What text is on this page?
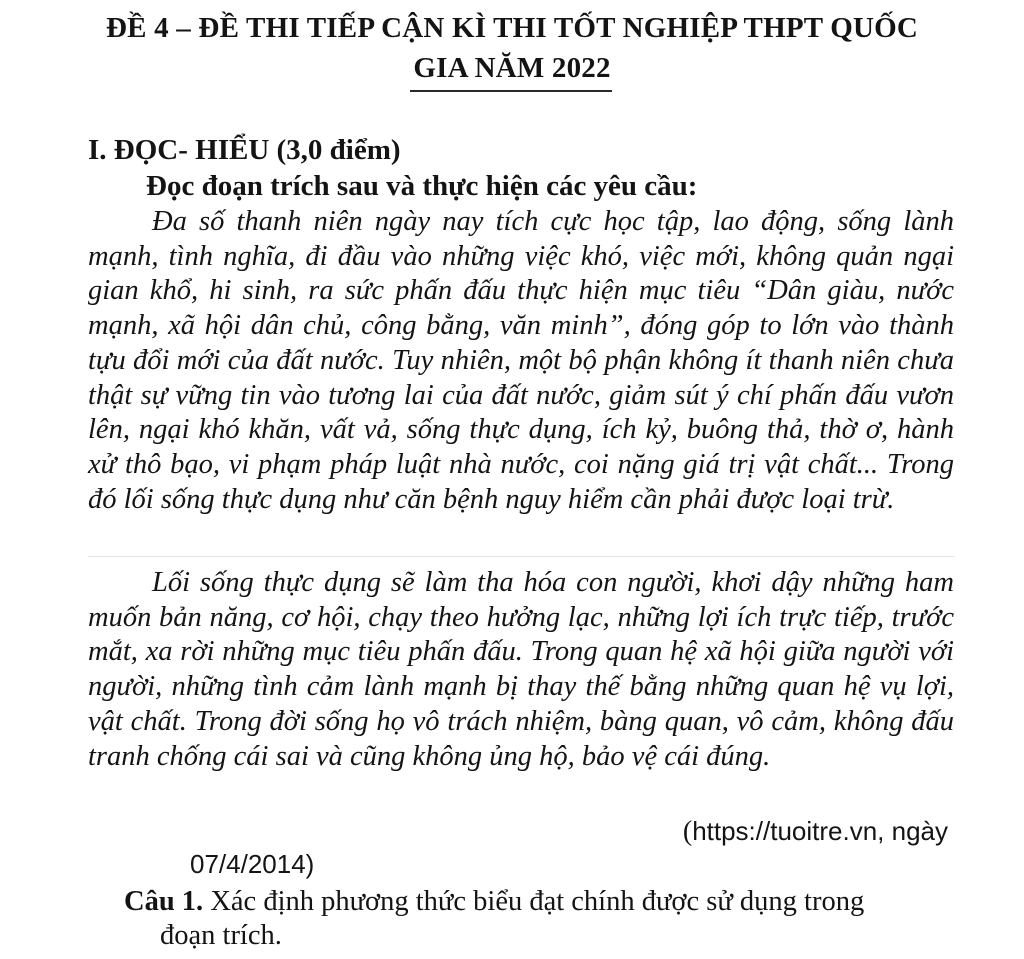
ĐỀ 4 – ĐỀ THI TIẾP CẬN KÌ THI TỐT NGHIỆP THPT QUỐC
GIA NĂM 2022
I. ĐỌC- HIỂU (3,0 điểm)
Đọc đoạn trích sau và thực hiện các yêu cầu:

Đa số thanh niên ngày nay tích cực học tập, lao động, sống lành mạnh, tình nghĩa, đi đầu vào những việc khó, việc mới, không quản ngại gian khổ, hi sinh, ra sức phấn đấu thực hiện mục tiêu “Dân giàu, nước mạnh, xã hội dân chủ, công bằng, văn minh”, đóng góp to lớn vào thành tựu đổi mới của đất nước. Tuy nhiên, một bộ phận không ít thanh niên chưa thật sự vững tin vào tương lai của đất nước, giảm sút ý chí phấn đấu vươn lên, ngại khó khăn, vất vả, sống thực dụng, ích kỷ, buông thả, thờ ơ, hành xử thô bạo, vi phạm pháp luật nhà nước, coi nặng giá trị vật chất... Trong đó lối sống thực dụng như căn bệnh nguy hiểm cần phải được loại trừ.

Lối sống thực dụng sẽ làm tha hóa con người, khơi dậy những ham muốn bản năng, cơ hội, chạy theo hưởng lạc, những lợi ích trực tiếp, trước mắt, xa rời những mục tiêu phấn đấu. Trong quan hệ xã hội giữa người với người, những tình cảm lành mạnh bị thay thế bằng những quan hệ vụ lợi, vật chất. Trong đời sống họ vô trách nhiệm, bàng quan, vô cảm, không đấu tranh chống cái sai và cũng không ủng hộ, bảo vệ cái đúng.

(https://tuoitre.vn, ngày
07/4/2014)

Câu 1. Xác định phương thức biểu đạt chính được sử dụng trong

đoạn trích.
